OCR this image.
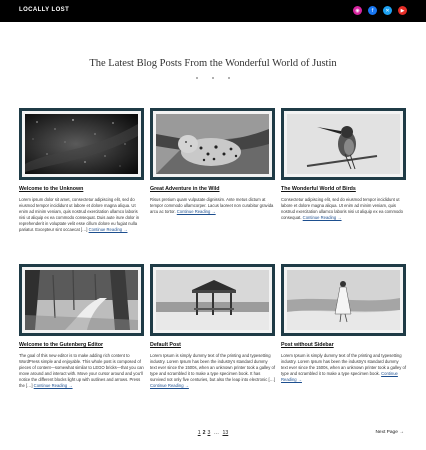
LOCALLY LOST	◉	f	✕	▶
The Latest Blog Posts From the Wonderful World of Justin
Welcome to the Unknown
Lorem ipsum dolor sit amet, consectetur adipiscing elit, sed do eiusmod tempor incididunt ut labore et dolore magna aliqua. Ut enim ad minim veniam, quis nostrud exercitation ullamco laboris nisi ut aliquip ex ea commodo consequat. Duis aute irure dolor in reprehenderit in voluptate velit esse cillum dolore eu fugiat nulla pariatur. Excepteur sint occaecat […] Continue Reading →
Great Adventure in the Wild
Risus pretium quam vulputate dignissim. Ante metus dictum at tempor commodo ullamcorper. Lacus laoreet non curabitur gravida arcu ac tortor. Continue Reading →
The Wonderful World of Birds
Consectetur adipiscing elit, sed do eiusmod tempor incididunt ut labore et dolore magna aliqua. Ut enim ad minim veniam, quis nostrud exercitation ullamco laboris nisi ut aliquip ex ea commodo consequat. Continue Reading →
Welcome to the Gutenberg Editor
The goal of this new editor is to make adding rich content to WordPress simple and enjoyable. This whole post is composed of pieces of content—somewhat similar to LEGO bricks—that you can move around and interact with. Move your cursor around and you'll notice the different blocks light up with outlines and arrows. Press the […] Continue Reading →
Default Post
Lorem Ipsum is simply dummy text of the printing and typesetting industry. Lorem Ipsum has been the industry's standard dummy text ever since the 1500s, when an unknown printer took a galley of type and scrambled it to make a type specimen book. It has survived not only five centuries, but also the leap into electronic […] Continue Reading →
Post without Sidebar
Lorem Ipsum is simply dummy text of the printing and typesetting industry. Lorem Ipsum has been the industry's standard dummy text ever since the 1500s, when an unknown printer took a galley of type and scrambled it to make a type specimen book. Continue Reading →
1 2 3 … 13	Next Page →
